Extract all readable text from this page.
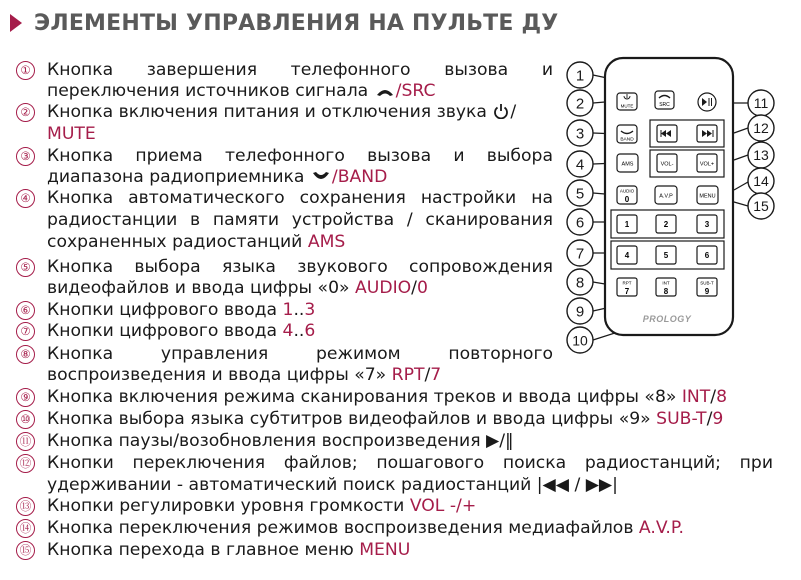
ЭЛЕМЕНТЫ УПРАВЛЕНИЯ НА ПУЛЬТЕ ДУ
① Кнопка завершения телефонного вызова и
переключения источников сигнала /SRC
② Кнопка включения питания и отключения звука /
MUTE
③ Кнопка приема телефонного вызова и выбора
диапазона радиоприемника /BAND
④ Кнопка автоматического сохранения настройки на
радиостанции в памяти устройства / сканирования
сохраненных радиостанций AMS
⑤ Кнопка выбора языка звукового сопровождения
видеофайлов и ввода цифры «0» AUDIO/0
⑥ Кнопки цифрового ввода 1..3
⑦ Кнопки цифрового ввода 4..6
⑧ Кнопка управления режимом повторного
воспроизведения и ввода цифры «7» RPT/7
⑨ Кнопка включения режима сканирования треков и ввода цифры «8» INT/8
⑩ Кнопка выбора языка субтитров видеофайлов и ввода цифры «9» SUB-T/9
⑪ Кнопка паузы/возобновления воспроизведения ▶/‖
⑫ Кнопки переключения файлов; пошагового поиска радиостанций; при
удерживании - автоматический поиск радиостанций |◀◀ / ▶▶|
⑬ Кнопки регулировки уровня громкости VOL -/+
⑭ Кнопка переключения режимов воспроизведения медиафайлов A.V.P.
⑮ Кнопка перехода в главное меню MENU
MUTE	SRC
BAND
AMS	VOL-	VOL+
AUDIO
0	A.V.P	MENU
1	2	3
4	5	6
RPT
7
INT
8
SUB-T
9
PROLOGY
1
2
3
4
5
6
7
8
9
10
11
12
13
14
15
